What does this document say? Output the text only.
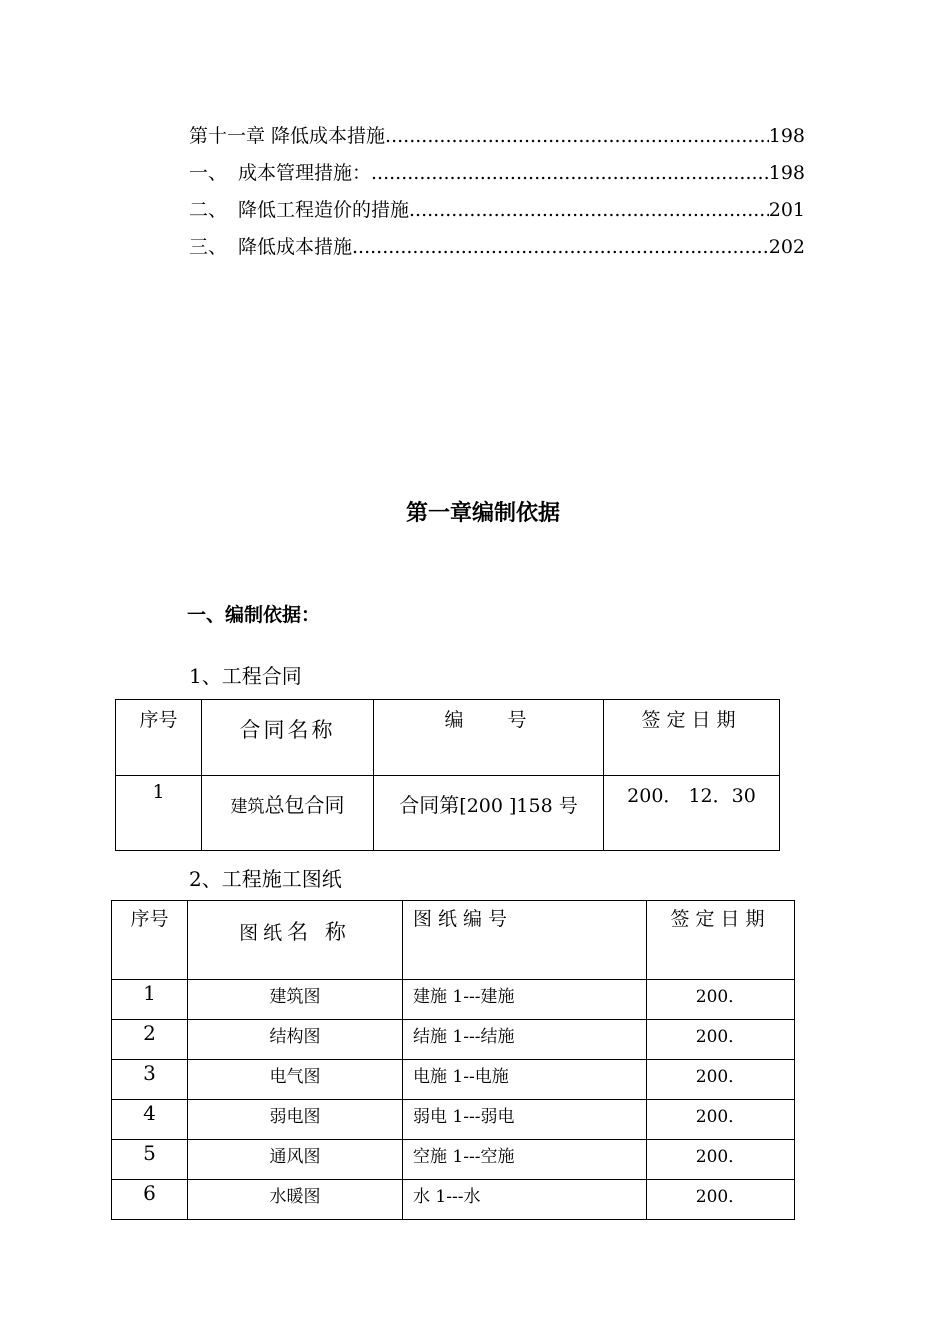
第十一章 降低成本措施 .....	198
一、 成本管理措施： .....	198
二、 降低工程造价的措施 .....	201
三、 降低成本措施 .....	202
第一章编制依据
一、编制依据：
1、工程合同
序号	合同名称	编　　 号	签定日期
1	建筑总包合同	合同第[200 ]158 号	200． 12．30
2、工程施工图纸
序号	图纸名 称	图纸编号	签定日期
1	建筑图	建施 1---建施	200．
2	结构图	结施 1---结施	200．
3	电气图	电施 1--电施	200．
4	弱电图	弱电 1---弱电	200．
5	通风图	空施 1---空施	200．
6	水暖图	水 1---水	200．
